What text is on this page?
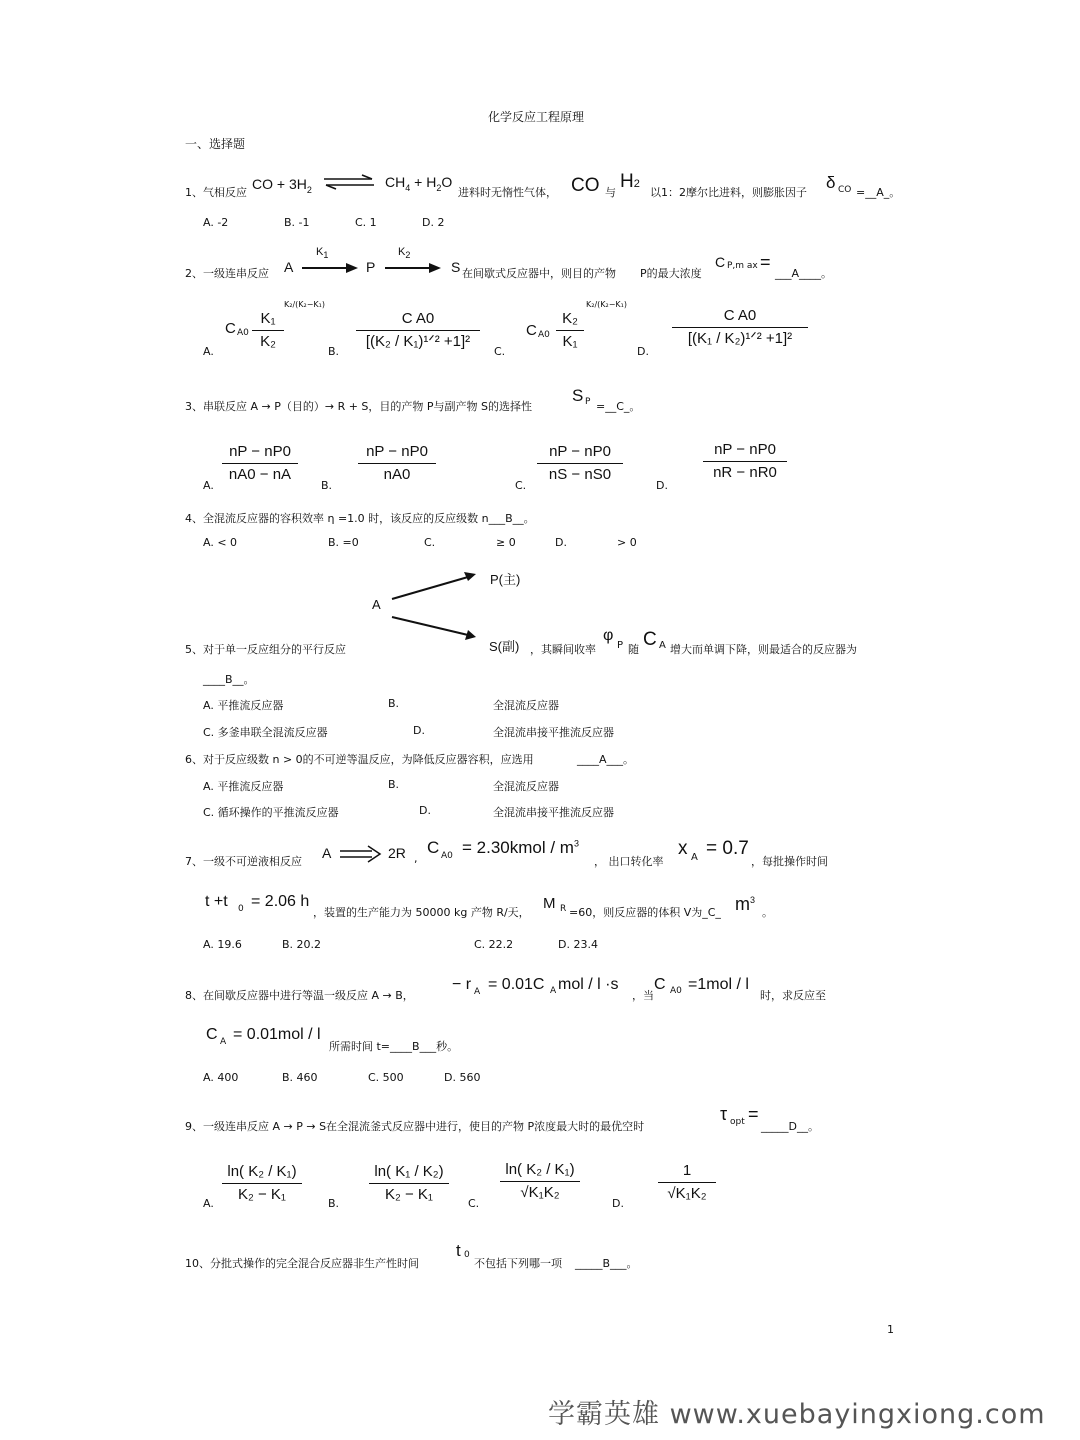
化学反应工程原理
一、选择题
1、气相反应
CO + $3H_2$ ⇌ $CH_4 + H_2O$
进料时无惰性气体， CO 与
H2
以1：2摩尔比进料，则膨胀因子
δ CO =__A_。
A. -2	B. -1	C. 1	D. 2
2、一级连串反应 A
$K_1$
→ P
$K_2$
→ S 在间歇式反应器中，则目的产物 P的最大浓度
C P,m ax =
___A____。
A.
C $A0 \frac{\text{K₁}}{\text{K₂}}$
K₂/(K₂−K₁)
B.
C A0
[(K₂ / K₁)¹ᐟ² +1]²
C.
C $A0 \frac{\text{K₂}}{\text{K₁}}$
K₂/(K₂−K₁)
D.
C A0
[(K₁ / K₂)¹ᐟ² +1]²
3、串联反应 A → P（目的）→ R + S，目的产物 P与副产物 S的选择性
S P =__C_。
A. $\frac{nP - nP0}{nA0 - nA} B$. $\frac{nP - nP0}{nA0}$	C. $\frac{nP - nP0}{nS - nS0}$	D.
$\frac{nP - nP0}{nR - nR0}$
4、全混流反应器的容积效率 η =1.0 时，该反应的反应级数 n___B__。
A. < 0	B. =0	C.	≥ 0	D.	> 0
A
P(主)
S(副)
5、对于单一反应组分的平行反应	，其瞬间收率
φ
P 随 C A 增大而单调下降，则最适合的反应器为
____B__。
A. 平推流反应器	B.	全混流反应器
C. 多釜串联全混流反应器	D.	全混流串接平推流反应器
6、对于反应级数 n > 0的不可逆等温反应，为降低反应器容积，应选用	____A___。
A. 平推流反应器	B.	全混流反应器
C. 循环操作的平推流反应器	D.	全混流串接平推流反应器
7、一级不可逆液相反应
A	2R ,
C A0 = 2.30kmol / $m^3$
， 出口转化率
x A = 0.7
，每批操作时间
t +t 0 = 2.06 h
，装置的生产能力为 50000 kg 产物 R/天，
M R =60，则反应器的体积 V为_C_ $m^3$
。
A. 19.6	B. 20.2	C. 22.2	D. 23.4
8、在间歇反应器中进行等温一级反应 A → B，
− r A = 0.01C A mol / l ·s
，当
C A0 =1mol / l
时，求反应至
C A = 0.01mol / l
所需时间 t=____B___秒。
A. 400	B. 460	C. 500	D. 560
9、一级连串反应 A → P → S在全混流釜式反应器中进行，使目的产物 P浓度最大时的最优空时
τ opt =
_____D__。
A. $\frac{\text{ln( K₂ / K₁)}}{\text{K₂ − K₁}} B$. $\frac{\text{ln( K₁ / K₂)}}{\text{K₂ − K₁}} C$. $\frac{\text{ln( K₂ / K₁)}}{\text{√K₁K₂}}$	D. $\frac{1}{\text{√K₁K₂}}$
10、分批式操作的完全混合反应器非生产性时间
t 0
不包括下列哪一项 _____B___。
1
学霸英雄 www.xuebayingxiong.com
